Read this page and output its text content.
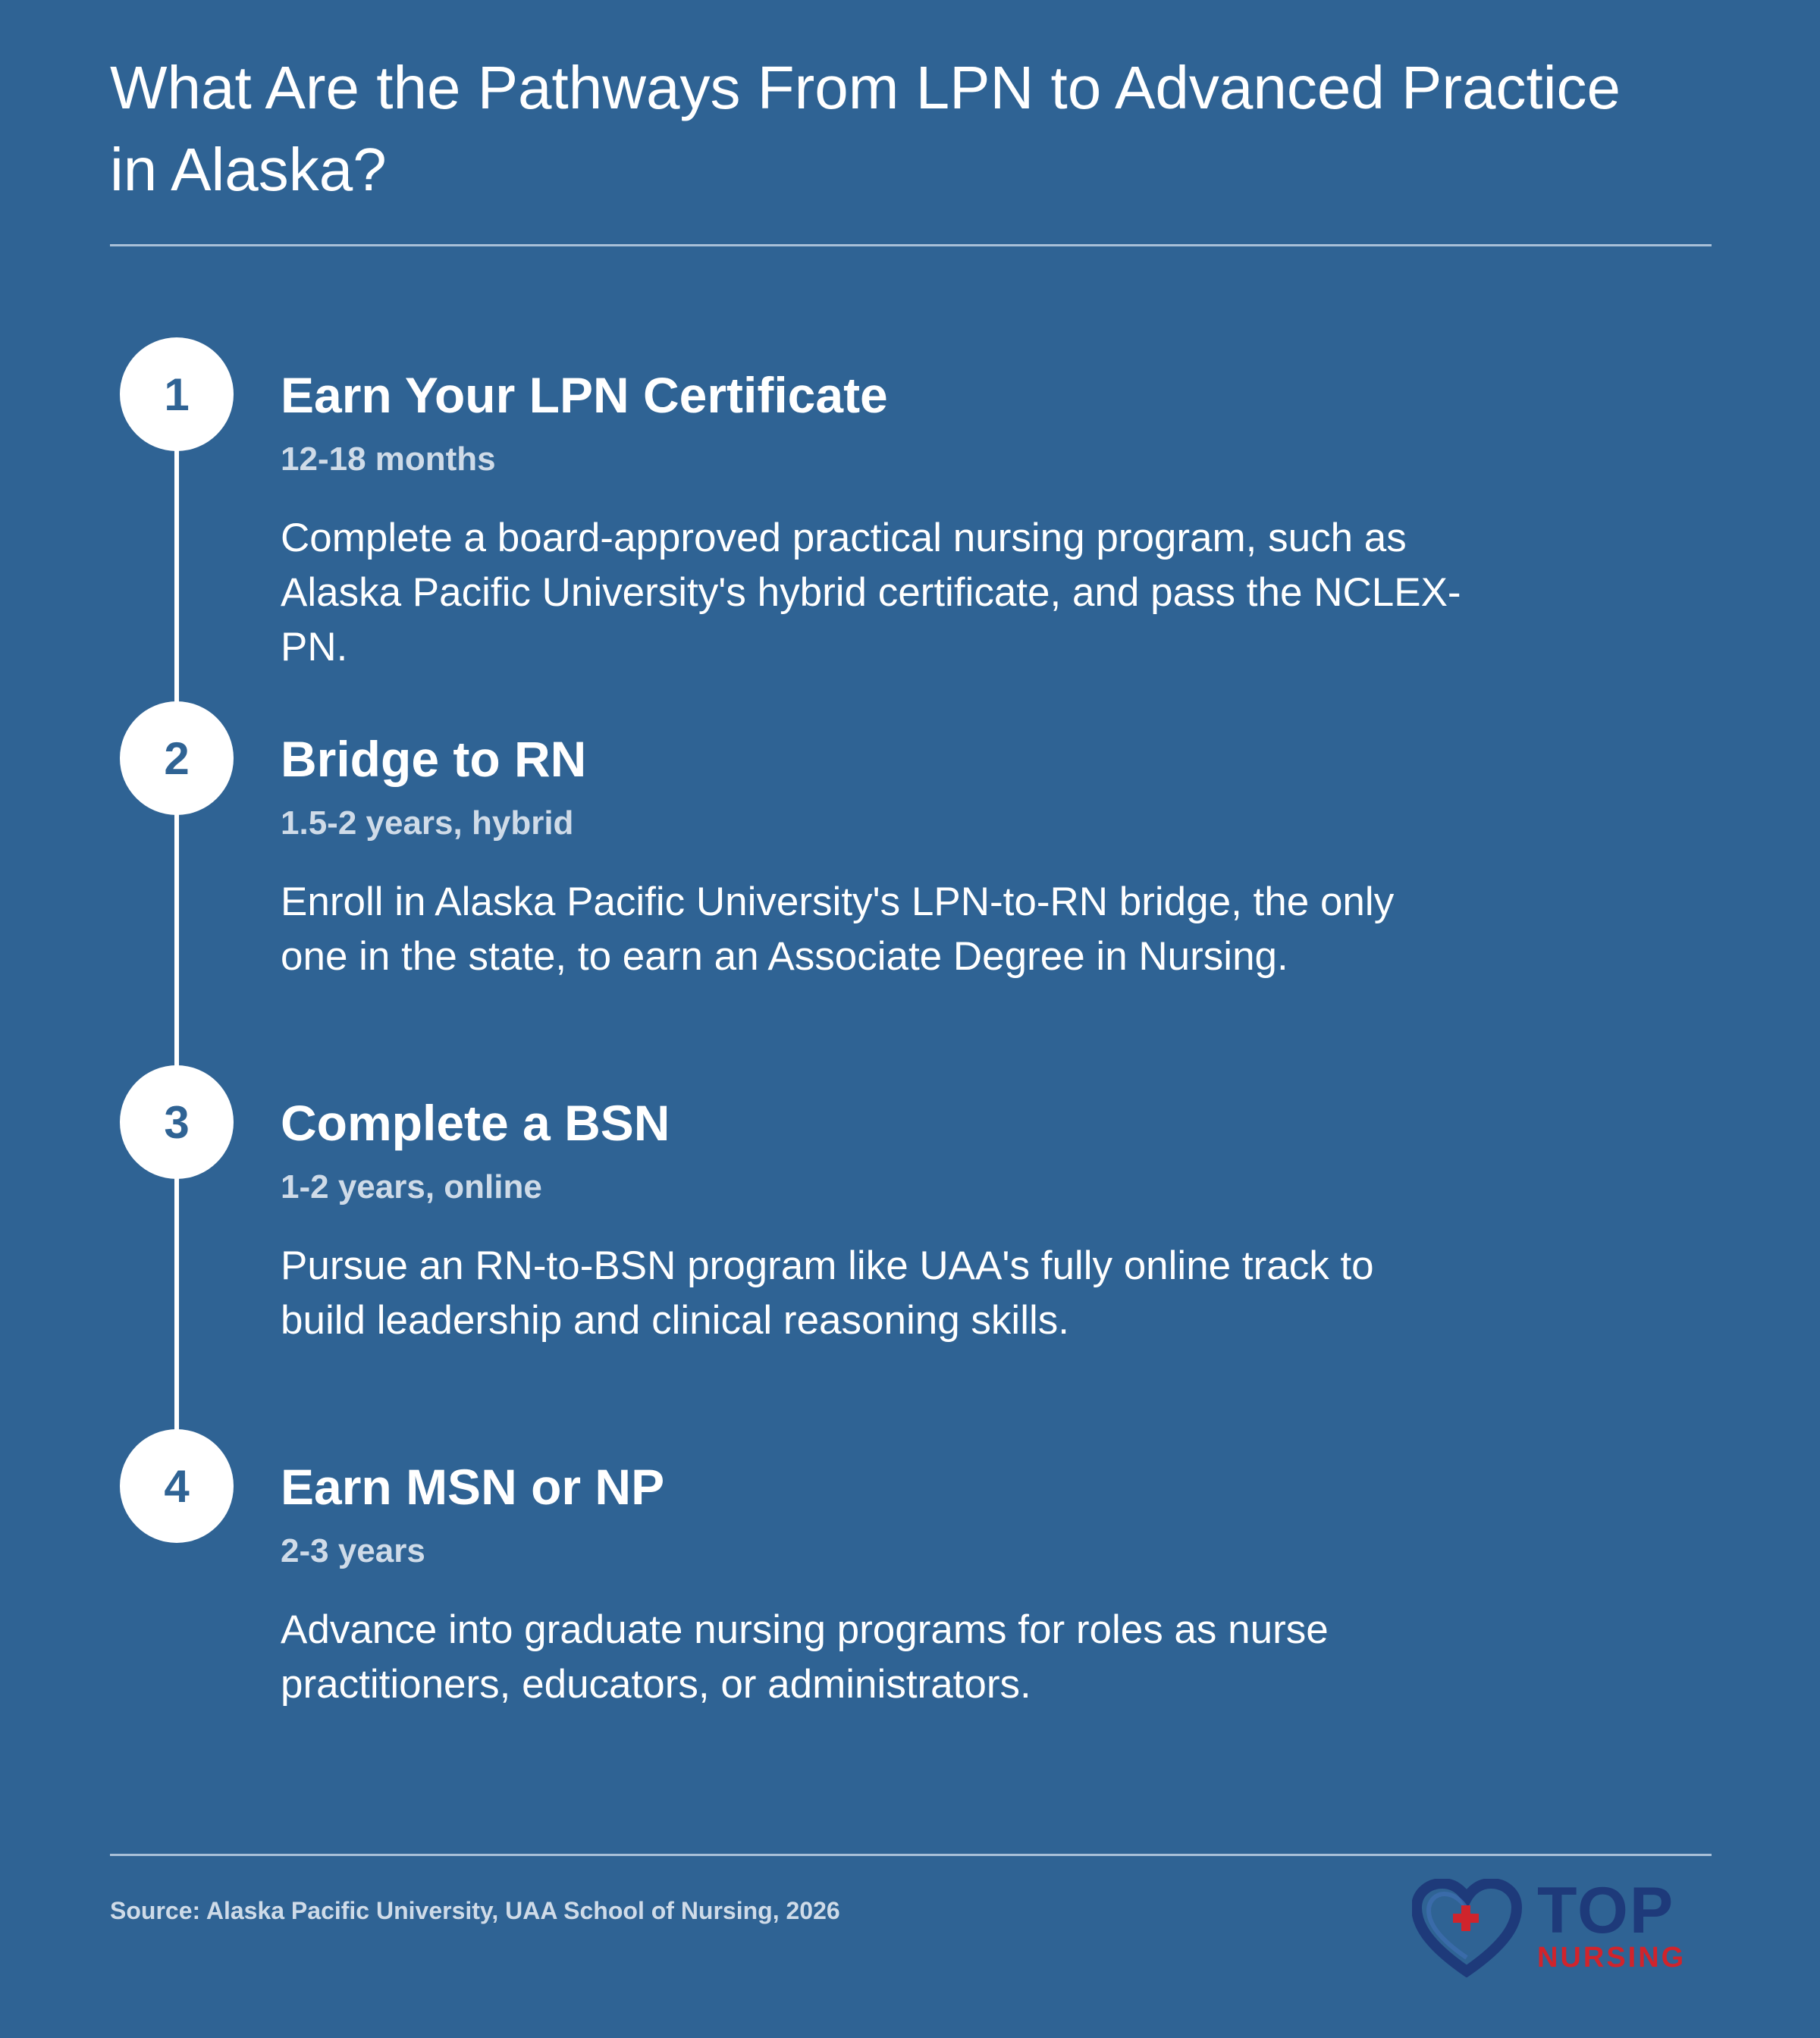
What Are the Pathways From LPN to Advanced Practice in Alaska?
1	Earn Your LPN Certificate
12-18 months

Complete a board-approved practical nursing program, such as Alaska Pacific University's hybrid certificate, and pass the NCLEX-PN.

2	Bridge to RN
1.5-2 years, hybrid

Enroll in Alaska Pacific University's LPN-to-RN bridge, the only one in the state, to earn an Associate Degree in Nursing.

3	Complete a BSN
1-2 years, online

Pursue an RN-to-BSN program like UAA's fully online track to build leadership and clinical reasoning skills.

4	Earn MSN or NP
2-3 years

Advance into graduate nursing programs for roles as nurse practitioners, educators, or administrators.

Source: Alaska Pacific University, UAA School of Nursing, 2026	TOP
NURSING
